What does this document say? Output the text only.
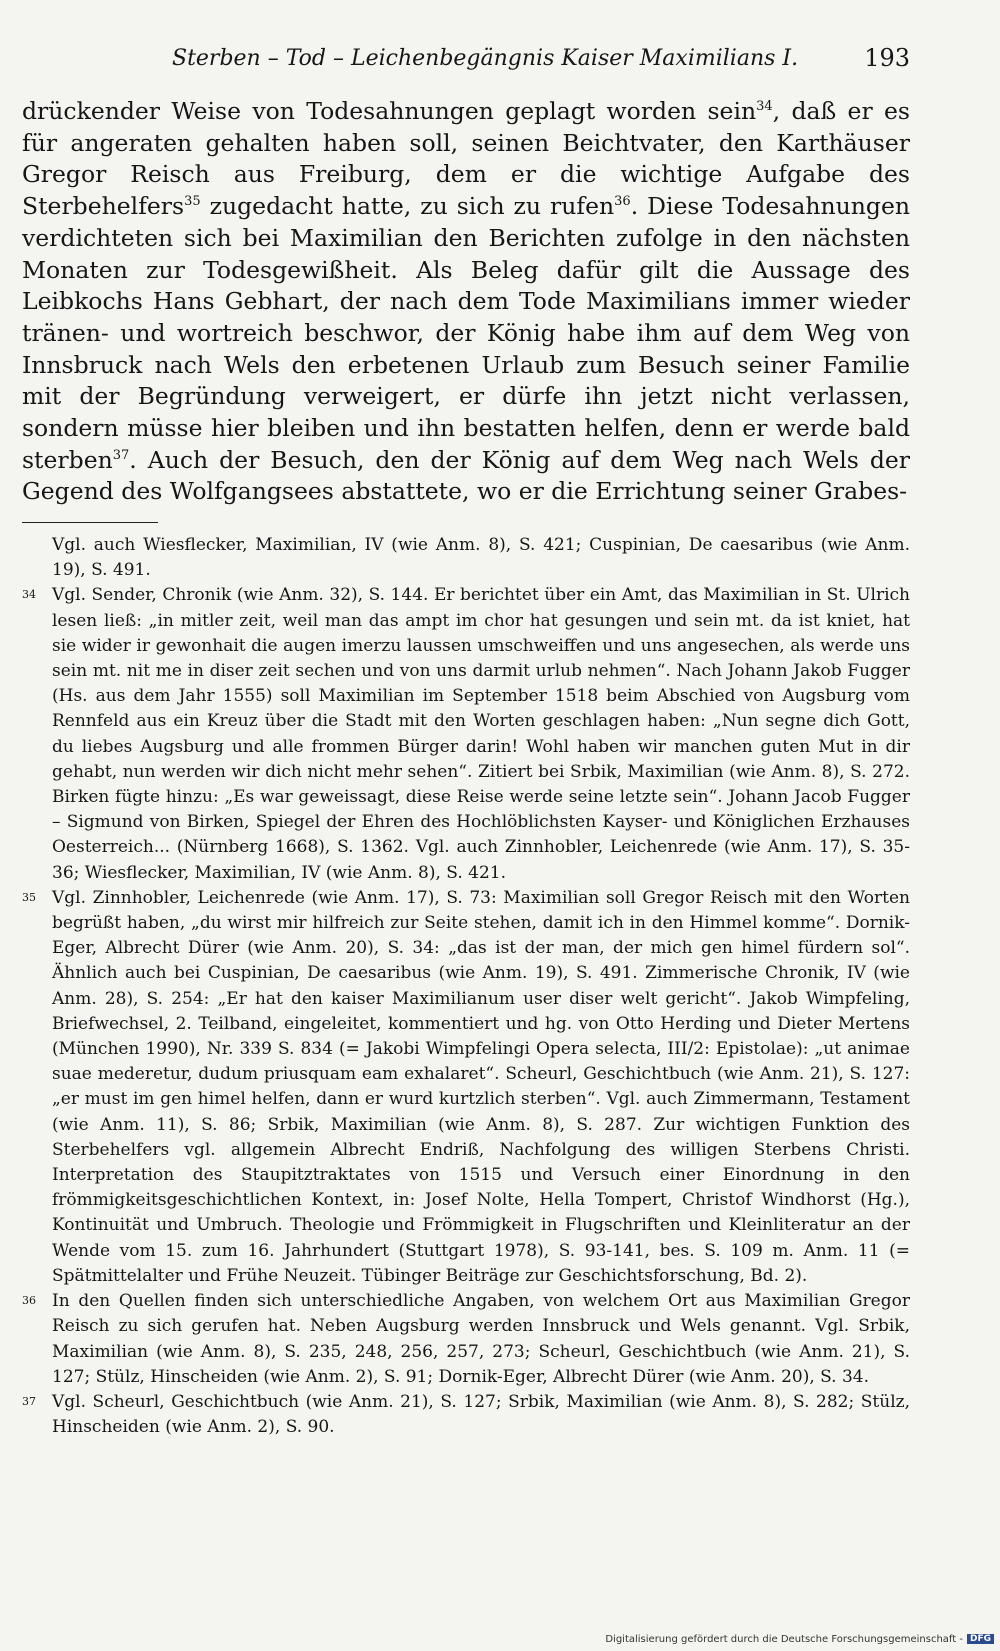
Sterben – Tod – Leichenbegängnis Kaiser Maximilians I.	193

drückender Weise von Todesahnungen geplagt worden sein$^{34}$, daß er es für angeraten gehalten haben soll, seinen Beichtvater, den Karthäuser Gregor Reisch aus Freiburg, dem er die wichtige Aufgabe des Sterbehelfers$^{35}$ zugedacht hatte, zu sich zu rufen$^{36}$. Diese Todesahnungen verdichteten sich bei Maximilian den Berichten zufolge in den nächsten Monaten zur Todesgewißheit. Als Beleg dafür gilt die Aussage des Leibkochs Hans Gebhart, der nach dem Tode Maximilians immer wieder tränen- und wortreich beschwor, der König habe ihm auf dem Weg von Innsbruck nach Wels den erbetenen Urlaub zum Besuch seiner Familie mit der Begründung verweigert, er dürfe ihn jetzt nicht verlassen, sondern müsse hier bleiben und ihn bestatten helfen, denn er werde bald sterben$^{37}$. Auch der Besuch, den der König auf dem Weg nach Wels der Gegend des Wolfgangsees abstattete, wo er die Errichtung seiner Grabes-

Vgl. auch Wiesflecker, Maximilian, IV (wie Anm. 8), S. 421; Cuspinian, De caesaribus (wie Anm. 19), S. 491.

34 Vgl. Sender, Chronik (wie Anm. 32), S. 144. Er berichtet über ein Amt, das Maximilian in St. Ulrich lesen ließ: „in mitler zeit, weil man das ampt im chor hat gesungen und sein mt. da ist kniet, hat sie wider ir gewonhait die augen imerzu laussen umschweiffen und uns angesechen, als werde uns sein mt. nit me in diser zeit sechen und von uns darmit urlub nehmen“. Nach Johann Jakob Fugger (Hs. aus dem Jahr 1555) soll Maximilian im September 1518 beim Abschied von Augsburg vom Rennfeld aus ein Kreuz über die Stadt mit den Worten geschlagen haben: „Nun segne dich Gott, du liebes Augsburg und alle frommen Bürger darin! Wohl haben wir manchen guten Mut in dir gehabt, nun werden wir dich nicht mehr sehen“. Zitiert bei Srbik, Maximilian (wie Anm. 8), S. 272. Birken fügte hinzu: „Es war geweissagt, diese Reise werde seine letzte sein“. Johann Jacob Fugger – Sigmund von Birken, Spiegel der Ehren des Hochlöblichsten Kayser- und Königlichen Erzhauses Oesterreich... (Nürnberg 1668), S. 1362. Vgl. auch Zinnhobler, Leichenrede (wie Anm. 17), S. 35-36; Wiesflecker, Maximilian, IV (wie Anm. 8), S. 421.

35 Vgl. Zinnhobler, Leichenrede (wie Anm. 17), S. 73: Maximilian soll Gregor Reisch mit den Worten begrüßt haben, „du wirst mir hilfreich zur Seite stehen, damit ich in den Himmel komme“. Dornik-Eger, Albrecht Dürer (wie Anm. 20), S. 34: „das ist der man, der mich gen himel fürdern sol“. Ähnlich auch bei Cuspinian, De caesaribus (wie Anm. 19), S. 491. Zimmerische Chronik, IV (wie Anm. 28), S. 254: „Er hat den kaiser Maximilianum user diser welt gericht“. Jakob Wimpfeling, Briefwechsel, 2. Teilband, eingeleitet, kommentiert und hg. von Otto Herding und Dieter Mertens (München 1990), Nr. 339 S. 834 (= Jakobi Wimpfelingi Opera selecta, III/2: Epistolae): „ut animae suae mederetur, dudum priusquam eam exhalaret“. Scheurl, Geschichtbuch (wie Anm. 21), S. 127: „er must im gen himel helfen, dann er wurd kurtzlich sterben“. Vgl. auch Zimmermann, Testament (wie Anm. 11), S. 86; Srbik, Maximilian (wie Anm. 8), S. 287. Zur wichtigen Funktion des Sterbehelfers vgl. allgemein Albrecht Endriß, Nachfolgung des willigen Sterbens Christi. Interpretation des Staupitztraktates von 1515 und Versuch einer Einordnung in den frömmigkeitsgeschichtlichen Kontext, in: Josef Nolte, Hella Tompert, Christof Windhorst (Hg.), Kontinuität und Umbruch. Theologie und Frömmigkeit in Flugschriften und Kleinliteratur an der Wende vom 15. zum 16. Jahrhundert (Stuttgart 1978), S. 93-141, bes. S. 109 m. Anm. 11 (= Spätmittelalter und Frühe Neuzeit. Tübinger Beiträge zur Geschichtsforschung, Bd. 2).

36 In den Quellen finden sich unterschiedliche Angaben, von welchem Ort aus Maximilian Gregor Reisch zu sich gerufen hat. Neben Augsburg werden Innsbruck und Wels genannt. Vgl. Srbik, Maximilian (wie Anm. 8), S. 235, 248, 256, 257, 273; Scheurl, Geschichtbuch (wie Anm. 21), S. 127; Stülz, Hinscheiden (wie Anm. 2), S. 91; Dornik-Eger, Albrecht Dürer (wie Anm. 20), S. 34.

37 Vgl. Scheurl, Geschichtbuch (wie Anm. 21), S. 127; Srbik, Maximilian (wie Anm. 8), S. 282; Stülz, Hinscheiden (wie Anm. 2), S. 90.

Digitalisierung gefördert durch die Deutsche Forschungsgemeinschaft - DFG
